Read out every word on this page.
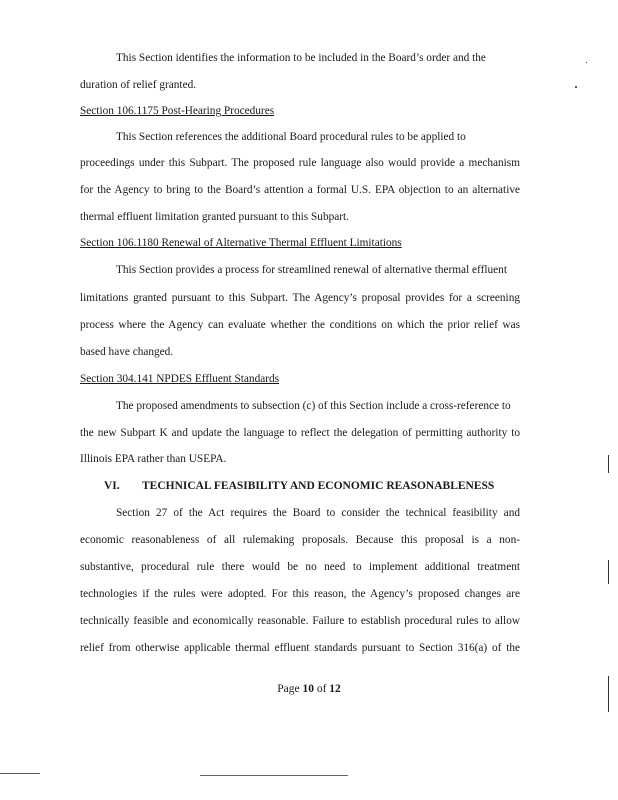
This Section identifies the information to be included in the Board’s order and the
duration of relief granted.
Section 106.1175 Post-Hearing Procedures
This Section references the additional Board procedural rules to be applied to
proceedings under this Subpart. The proposed rule language also would provide a mechanism
for the Agency to bring to the Board’s attention a formal U.S. EPA objection to an alternative
thermal effluent limitation granted pursuant to this Subpart.
Section 106.1180 Renewal of Alternative Thermal Effluent Limitations
This Section provides a process for streamlined renewal of alternative thermal effluent
limitations granted pursuant to this Subpart. The Agency’s proposal provides for a screening
process where the Agency can evaluate whether the conditions on which the prior relief was
based have changed.
Section 304.141 NPDES Effluent Standards
The proposed amendments to subsection (c) of this Section include a cross-reference to
the new Subpart K and update the language to reflect the delegation of permitting authority to
Illinois EPA rather than USEPA.
VI. TECHNICAL FEASIBILITY AND ECONOMIC REASONABLENESS
Section 27 of the Act requires the Board to consider the technical feasibility and
economic reasonableness of all rulemaking proposals. Because this proposal is a non-
substantive, procedural rule there would be no need to implement additional treatment
technologies if the rules were adopted. For this reason, the Agency’s proposed changes are
technically feasible and economically reasonable. Failure to establish procedural rules to allow
relief from otherwise applicable thermal effluent standards pursuant to Section 316(a) of the
Page 10 of 12
